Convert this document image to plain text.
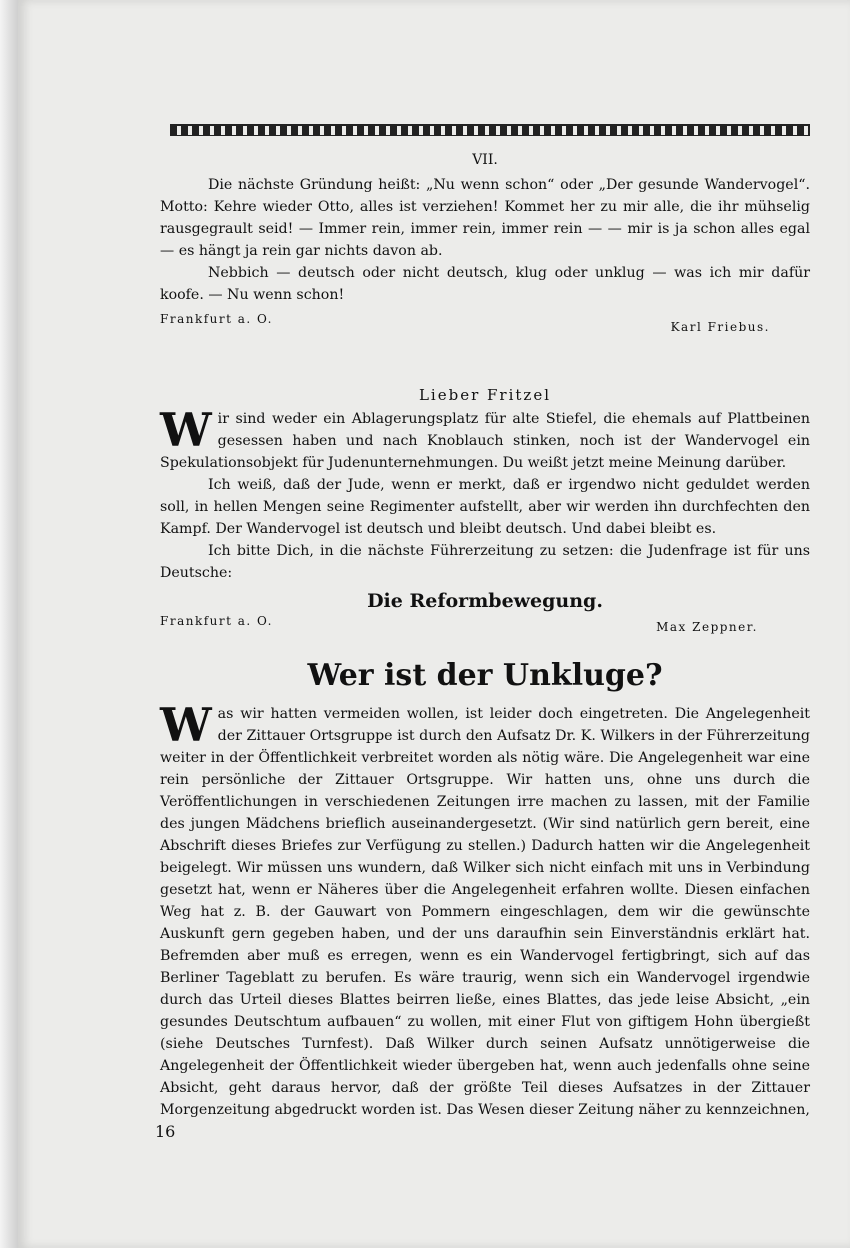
VII.

Die nächste Gründung heißt: „Nu wenn schon“ oder „Der gesunde Wandervogel“. Motto: Kehre wieder Otto, alles ist verziehen! Kommet her zu mir alle, die ihr mühselig rausgegrault seid! — Immer rein, immer rein, immer rein — — mir is ja schon alles egal — es hängt ja rein gar nichts davon ab.

Nebbich — deutsch oder nicht deutsch, klug oder unklug — was ich mir dafür koofe. — Nu wenn schon!

Frankfurt a. O.
Karl Friebus.
Lieber Fritzel

Wir sind weder ein Ablagerungsplatz für alte Stiefel, die ehemals auf Plattbeinen gesessen haben und nach Knoblauch stinken, noch ist der Wandervogel ein Spekulationsobjekt für Judenunternehmungen. Du weißt jetzt meine Meinung darüber.

Ich weiß, daß der Jude, wenn er merkt, daß er irgendwo nicht geduldet werden soll, in hellen Mengen seine Regimenter aufstellt, aber wir werden ihn durchfechten den Kampf. Der Wandervogel ist deutsch und bleibt deutsch. Und dabei bleibt es.

Ich bitte Dich, in die nächste Führerzeitung zu setzen: die Judenfrage ist für uns Deutsche:

Die Reformbewegung.
Frankfurt a. O.	Max Zeppner.
Wer ist der Unkluge?

Was wir hatten vermeiden wollen, ist leider doch eingetreten. Die Angelegenheit der Zittauer Ortsgruppe ist durch den Aufsatz Dr. K. Wilkers in der Führerzeitung weiter in der Öffentlichkeit verbreitet worden als nötig wäre. Die Angelegenheit war eine rein persönliche der Zittauer Ortsgruppe. Wir hatten uns, ohne uns durch die Veröffentlichungen in verschiedenen Zeitungen irre machen zu lassen, mit der Familie des jungen Mädchens brieflich auseinandergesetzt. (Wir sind natürlich gern bereit, eine Abschrift dieses Briefes zur Verfügung zu stellen.) Dadurch hatten wir die Angelegenheit beigelegt. Wir müssen uns wundern, daß Wilker sich nicht einfach mit uns in Verbindung gesetzt hat, wenn er Näheres über die Angelegenheit erfahren wollte. Diesen einfachen Weg hat z. B. der Gauwart von Pommern eingeschlagen, dem wir die gewünschte Auskunft gern gegeben haben, und der uns daraufhin sein Einverständnis erklärt hat. Befremden aber muß es erregen, wenn es ein Wandervogel fertigbringt, sich auf das Berliner Tageblatt zu berufen. Es wäre traurig, wenn sich ein Wandervogel irgendwie durch das Urteil dieses Blattes beirren ließe, eines Blattes, das jede leise Absicht, „ein gesundes Deutschtum aufbauen“ zu wollen, mit einer Flut von giftigem Hohn übergießt (siehe Deutsches Turnfest). Daß Wilker durch seinen Aufsatz unnötigerweise die Angelegenheit der Öffentlichkeit wieder übergeben hat, wenn auch jedenfalls ohne seine Absicht, geht daraus hervor, daß der größte Teil dieses Aufsatzes in der Zittauer Morgenzeitung abgedruckt worden ist. Das Wesen dieser Zeitung näher zu kennzeichnen,

16
